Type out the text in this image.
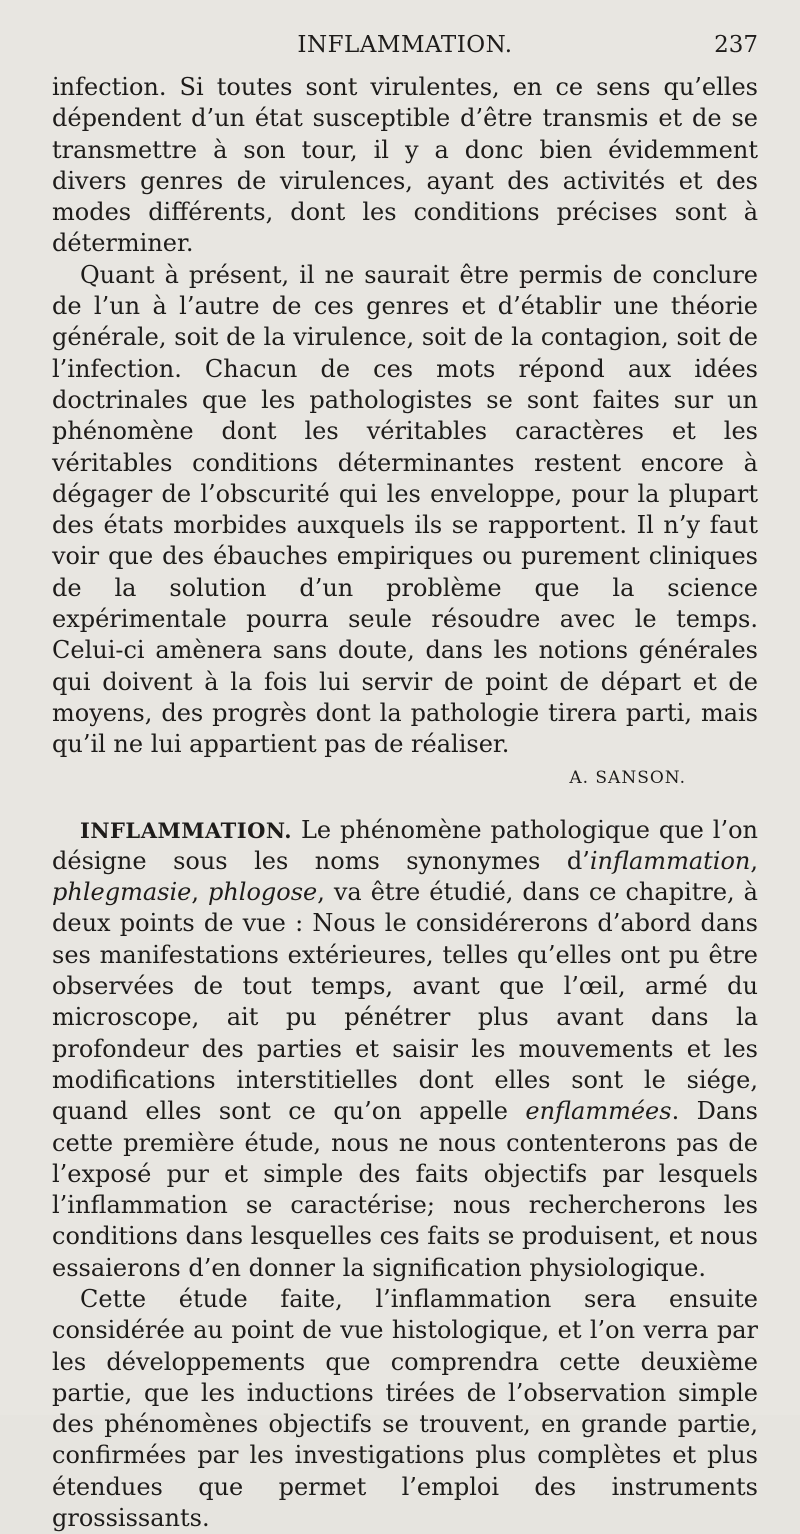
INFLAMMATION.	237

infection. Si toutes sont virulentes, en ce sens qu’elles dépendent d’un état susceptible d’être transmis et de se transmettre à son tour, il y a donc bien évidemment divers genres de virulences, ayant des activités et des modes différents, dont les conditions précises sont à déterminer.

Quant à présent, il ne saurait être permis de conclure de l’un à l’autre de ces genres et d’établir une théorie générale, soit de la virulence, soit de la contagion, soit de l’infection. Chacun de ces mots répond aux idées doctrinales que les pathologistes se sont faites sur un phénomène dont les véritables caractères et les véritables conditions déterminantes restent encore à dégager de l’obscurité qui les enveloppe, pour la plupart des états morbides auxquels ils se rapportent. Il n’y faut voir que des ébauches empiriques ou purement cliniques de la solution d’un problème que la science expérimentale pourra seule résoudre avec le temps. Celui-ci amènera sans doute, dans les notions générales qui doivent à la fois lui servir de point de départ et de moyens, des progrès dont la pathologie tirera parti, mais qu’il ne lui appartient pas de réaliser.

A. SANSON.

INFLAMMATION. Le phénomène pathologique que l’on désigne sous les noms synonymes d’inflammation, phlegmasie, phlogose, va être étudié, dans ce chapitre, à deux points de vue : Nous le considérerons d’abord dans ses manifestations extérieures, telles qu’elles ont pu être observées de tout temps, avant que l’œil, armé du microscope, ait pu pénétrer plus avant dans la profondeur des parties et saisir les mouvements et les modifications interstitielles dont elles sont le siége, quand elles sont ce qu’on appelle enflammées. Dans cette première étude, nous ne nous contenterons pas de l’exposé pur et simple des faits objectifs par lesquels l’inflammation se caractérise; nous rechercherons les conditions dans lesquelles ces faits se produisent, et nous essaierons d’en donner la signification physiologique.

Cette étude faite, l’inflammation sera ensuite considérée au point de vue histologique, et l’on verra par les développements que comprendra cette deuxième partie, que les inductions tirées de l’observation simple des phénomènes objectifs se trouvent, en grande partie, confirmées par les investigations plus complètes et plus étendues que permet l’emploi des instruments grossissants.
